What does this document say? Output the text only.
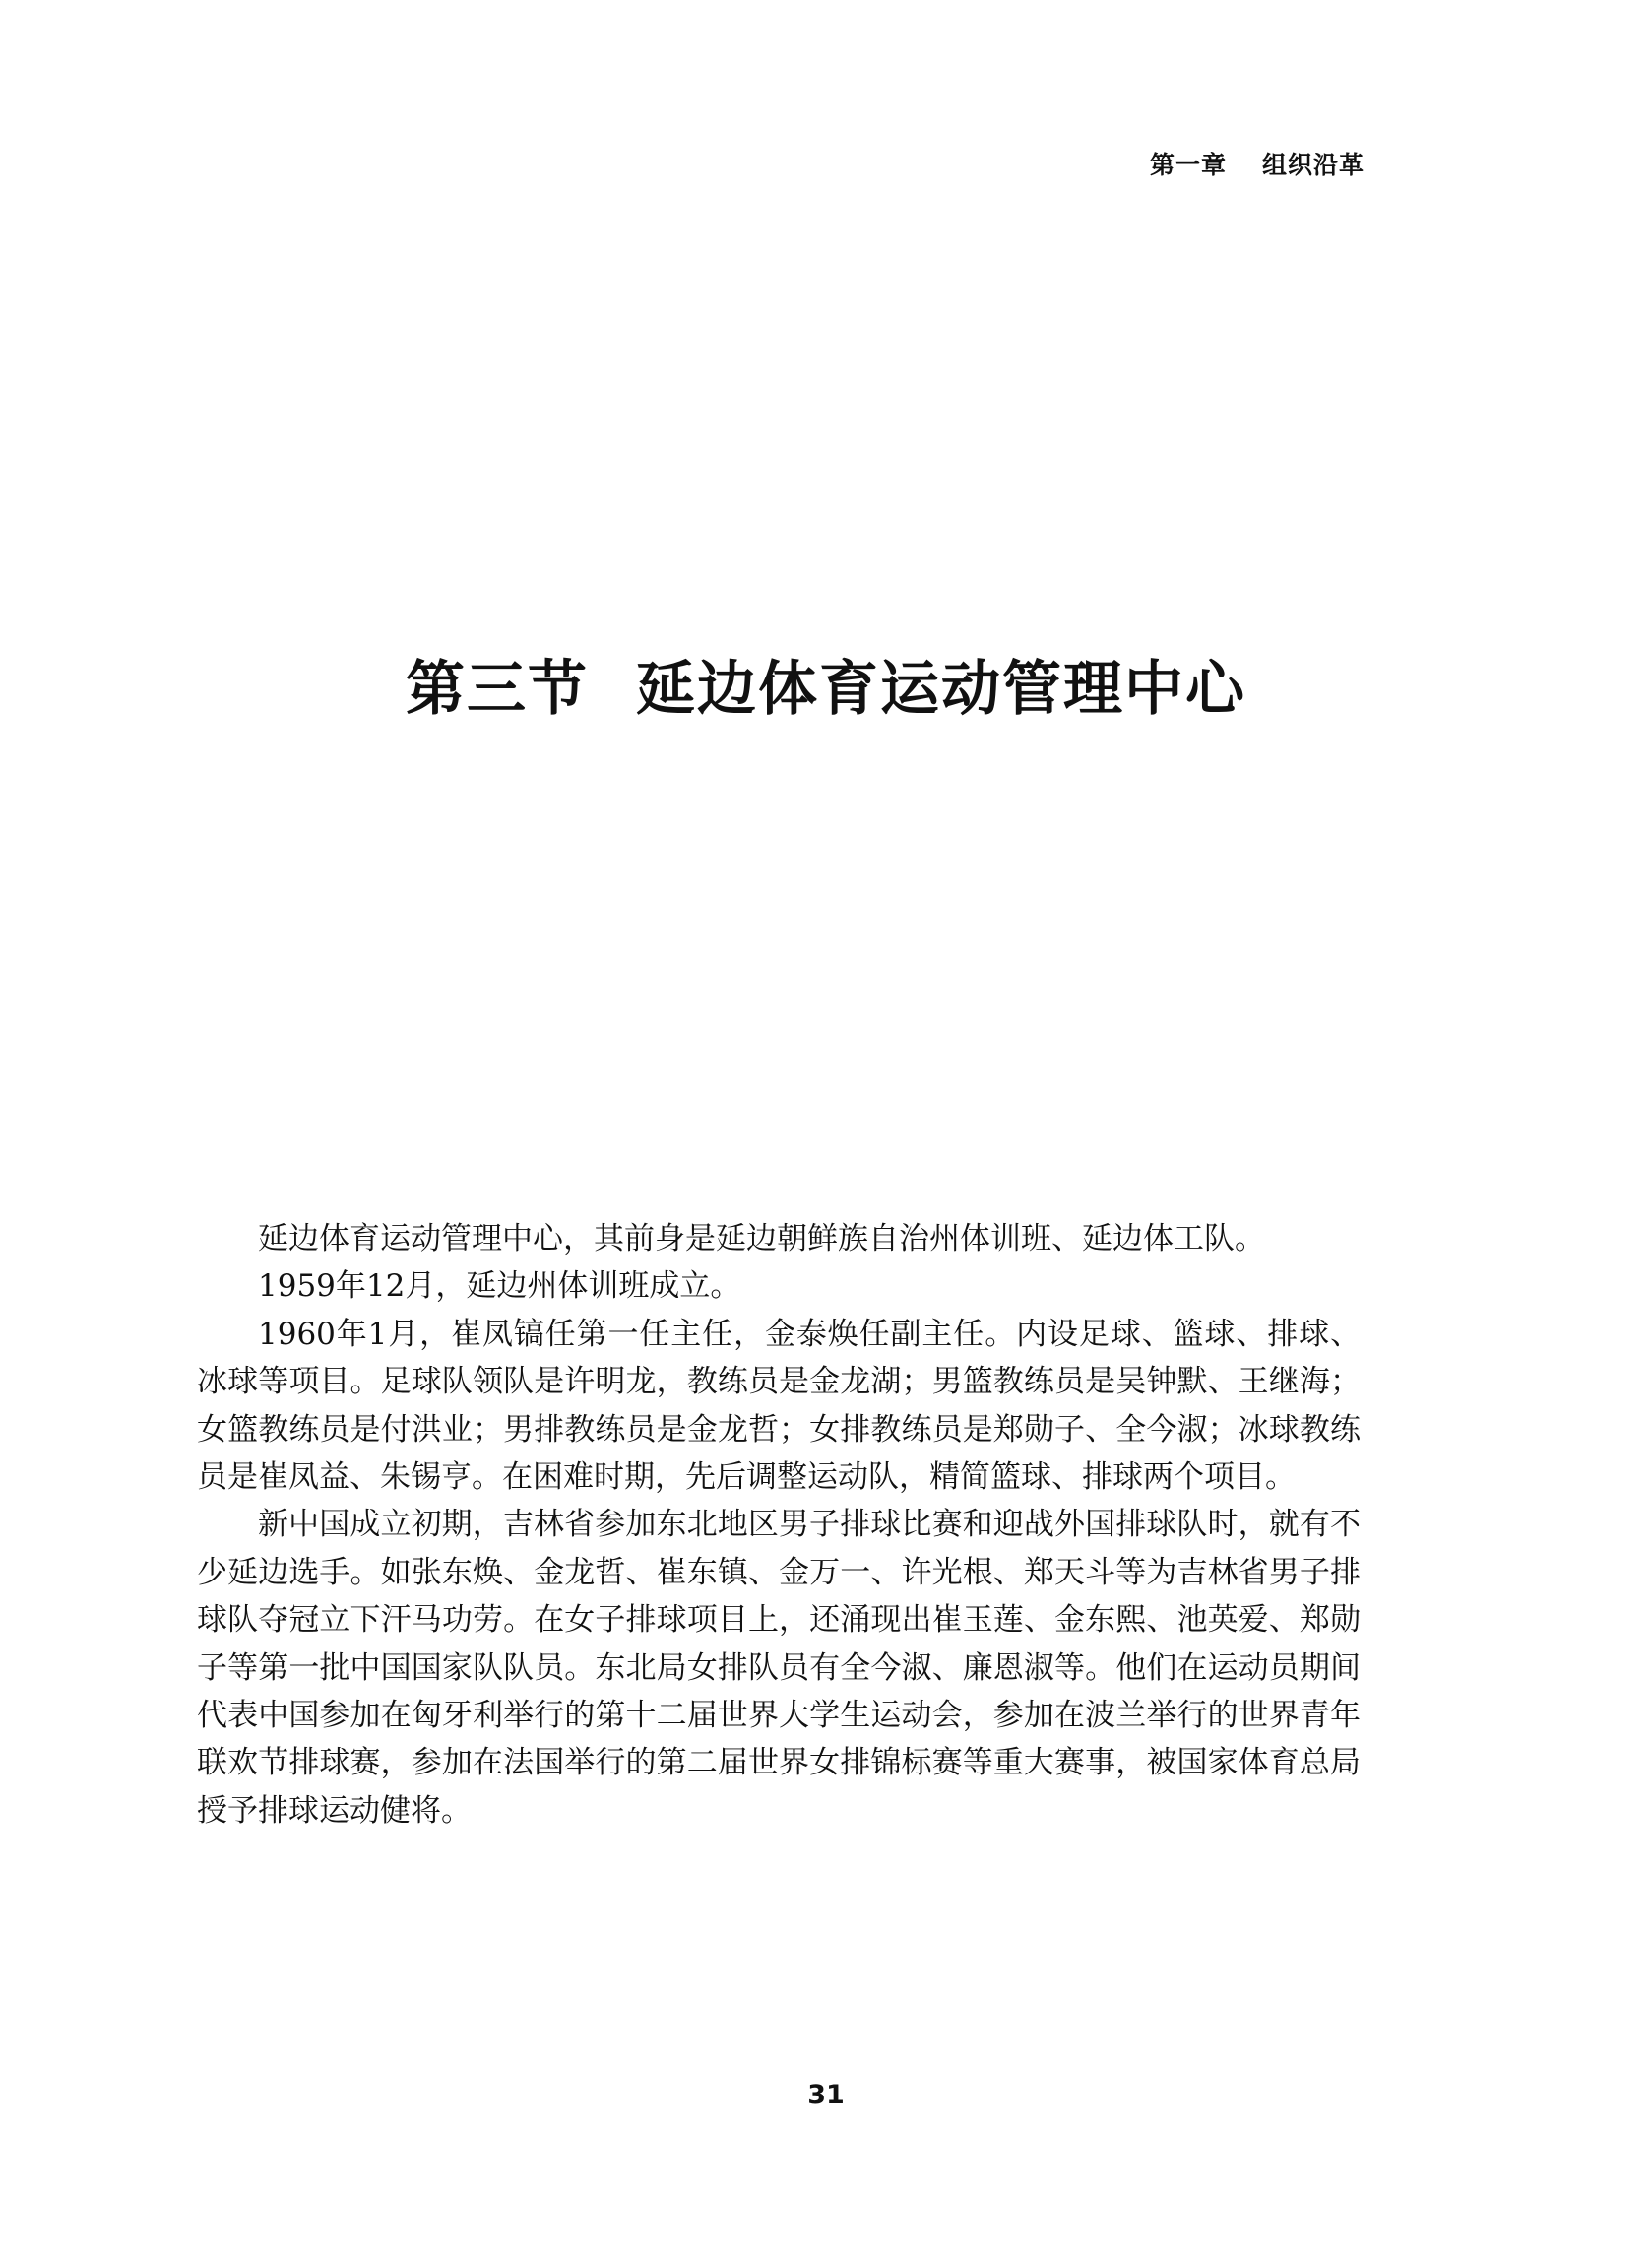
第一章 组织沿革
第三节 延边体育运动管理中心

延边体育运动管理中心，其前身是延边朝鲜族自治州体训班、延边体工队。

1959年12月，延边州体训班成立。

1960年1月，崔凤镐任第一任主任，金泰焕任副主任。内设足球、篮球、排球、冰球等项目。足球队领队是许明龙，教练员是金龙湖；男篮教练员是吴钟默、王继海；女篮教练员是付洪业；男排教练员是金龙哲；女排教练员是郑勋子、全今淑；冰球教练员是崔凤益、朱锡亨。在困难时期，先后调整运动队，精简篮球、排球两个项目。

新中国成立初期，吉林省参加东北地区男子排球比赛和迎战外国排球队时，就有不少延边选手。如张东焕、金龙哲、崔东镇、金万一、许光根、郑天斗等为吉林省男子排球队夺冠立下汗马功劳。在女子排球项目上，还涌现出崔玉莲、金东熙、池英爱、郑勋子等第一批中国国家队队员。东北局女排队员有全今淑、廉恩淑等。他们在运动员期间代表中国参加在匈牙利举行的第十二届世界大学生运动会，参加在波兰举行的世界青年联欢节排球赛，参加在法国举行的第二届世界女排锦标赛等重大赛事，被国家体育总局授予排球运动健将。

31
